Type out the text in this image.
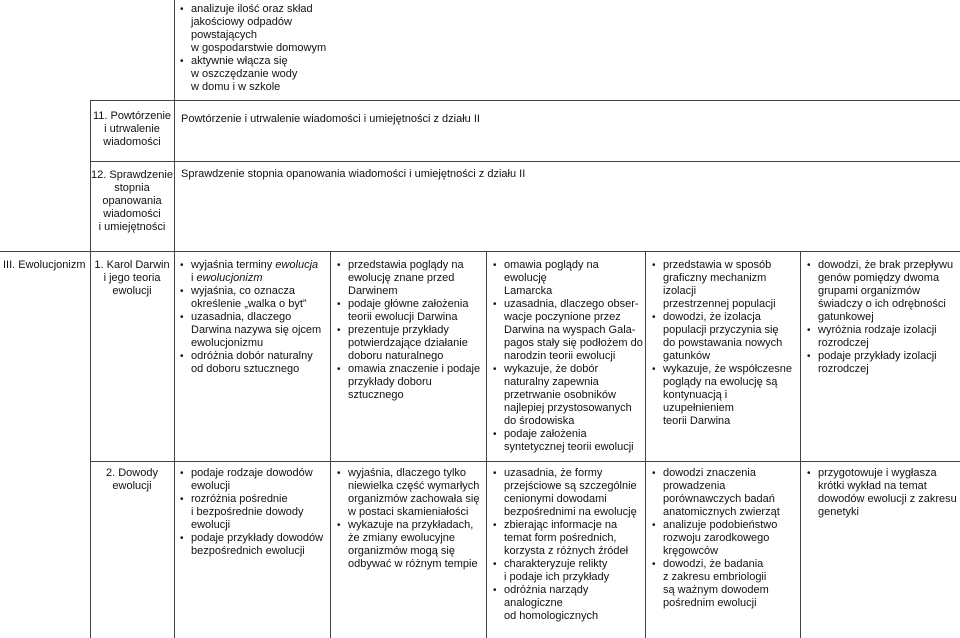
• analizuje ilość oraz skład
jakościowy odpadów
powstających
w gospodarstwie domowym
• aktywnie włącza się
w oszczędzanie wody
w domu i w szkole
11. Powtórzenie
i utrwalenie
wiadomości
Powtórzenie i utrwalenie wiadomości i umiejętności z działu II
12. Sprawdzenie
stopnia
opanowania
wiadomości
i umiejętności
Sprawdzenie stopnia opanowania wiadomości i umiejętności z działu II
III. Ewolucjonizm 1. Karol Darwin
i jego teoria
ewolucji
• wyjaśnia terminy ewolucja
i ewolucjonizm
• wyjaśnia, co oznacza
określenie „walka o byt”
• uzasadnia, dlaczego
Darwina nazywa się ojcem
ewolucjonizmu
• odróżnia dobór naturalny
od doboru sztucznego
• przedstawia poglądy na
ewolucję znane przed
Darwinem
• podaje główne założenia
teorii ewolucji Darwina
• prezentuje przykłady
potwierdzające działanie
doboru naturalnego
• omawia znaczenie i podaje
przykłady doboru sztucznego
• omawia poglądy na ewolucję
Lamarcka
• uzasadnia, dlaczego obser-
wacje poczynione przez
Darwina na wyspach Gala-
pagos stały się podłożem do
narodzin teorii ewolucji
• wykazuje, że dobór
naturalny zapewnia
przetrwanie osobników
najlepiej przystosowanych
do środowiska
• podaje założenia
syntetycznej teorii ewolucji
• przedstawia w sposób
graficzny mechanizm izolacji
przestrzennej populacji
• dowodzi, że izolacja
populacji przyczynia się
do powstawania nowych
gatunków
• wykazuje, że współczesne
poglądy na ewolucję są
kontynuacją i uzupełnieniem
teorii Darwina
• dowodzi, że brak przepływu
genów pomiędzy dwoma
grupami organizmów
świadczy o ich odrębności
gatunkowej
• wyróżnia rodzaje izolacji
rozrodczej
• podaje przykłady izolacji
rozrodczej
2. Dowody
ewolucji
• podaje rodzaje dowodów
ewolucji
• rozróżnia pośrednie
i bezpośrednie dowody
ewolucji
• podaje przykłady dowodów
bezpośrednich ewolucji
• wyjaśnia, dlaczego tylko
niewielka część wymarłych
organizmów zachowała się
w postaci skamieniałości
• wykazuje na przykładach,
że zmiany ewolucyjne
organizmów mogą się
odbywać w różnym tempie
• uzasadnia, że formy
przejściowe są szczególnie
cenionymi dowodami
bezpośrednimi na ewolucję
• zbierając informacje na
temat form pośrednich,
korzysta z różnych źródeł
• charakteryzuje relikty
i podaje ich przykłady
• odróżnia narządy
analogiczne
od homologicznych
• dowodzi znaczenia
prowadzenia
porównawczych badań
anatomicznych zwierząt
• analizuje podobieństwo
rozwoju zarodkowego
kręgowców
• dowodzi, że badania
z zakresu embriologii
są ważnym dowodem
pośrednim ewolucji
• przygotowuje i wygłasza
krótki wykład na temat
dowodów ewolucji z zakresu
genetyki
